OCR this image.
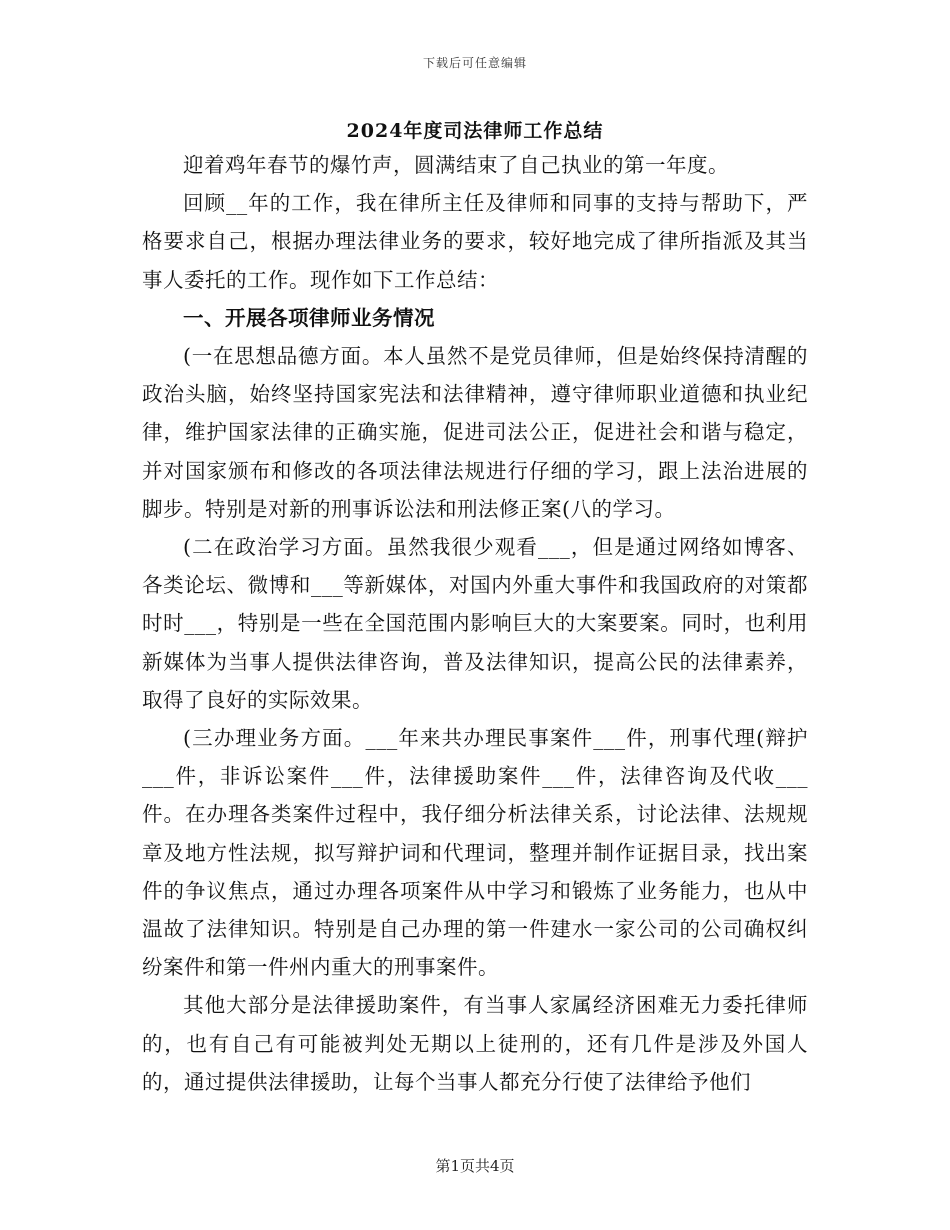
下载后可任意编辑
2024年度司法律师工作总结

迎着鸡年春节的爆竹声，圆满结束了自己执业的第一年度。

回顾__年的工作，我在律所主任及律师和同事的支持与帮助下，严格要求自己，根据办理法律业务的要求，较好地完成了律所指派及其当事人委托的工作。现作如下工作总结：

一、开展各项律师业务情况

(一在思想品德方面。本人虽然不是党员律师，但是始终保持清醒的政治头脑，始终坚持国家宪法和法律精神，遵守律师职业道德和执业纪律，维护国家法律的正确实施，促进司法公正，促进社会和谐与稳定，并对国家颁布和修改的各项法律法规进行仔细的学习，跟上法治进展的脚步。特别是对新的刑事诉讼法和刑法修正案(八的学习。

(二在政治学习方面。虽然我很少观看___，但是通过网络如博客、各类论坛、微博和___等新媒体，对国内外重大事件和我国政府的对策都时时___，特别是一些在全国范围内影响巨大的大案要案。同时，也利用新媒体为当事人提供法律咨询，普及法律知识，提高公民的法律素养，取得了良好的实际效果。

(三办理业务方面。___年来共办理民事案件___件，刑事代理(辩护___件，非诉讼案件___件，法律援助案件___件，法律咨询及代收___件。在办理各类案件过程中，我仔细分析法律关系，讨论法律、法规规章及地方性法规，拟写辩护词和代理词，整理并制作证据目录，找出案件的争议焦点，通过办理各项案件从中学习和锻炼了业务能力，也从中温故了法律知识。特别是自己办理的第一件建水一家公司的公司确权纠纷案件和第一件州内重大的刑事案件。

其他大部分是法律援助案件，有当事人家属经济困难无力委托律师的，也有自己有可能被判处无期以上徒刑的，还有几件是涉及外国人的，通过提供法律援助，让每个当事人都充分行使了法律给予他们

第1页共4页
